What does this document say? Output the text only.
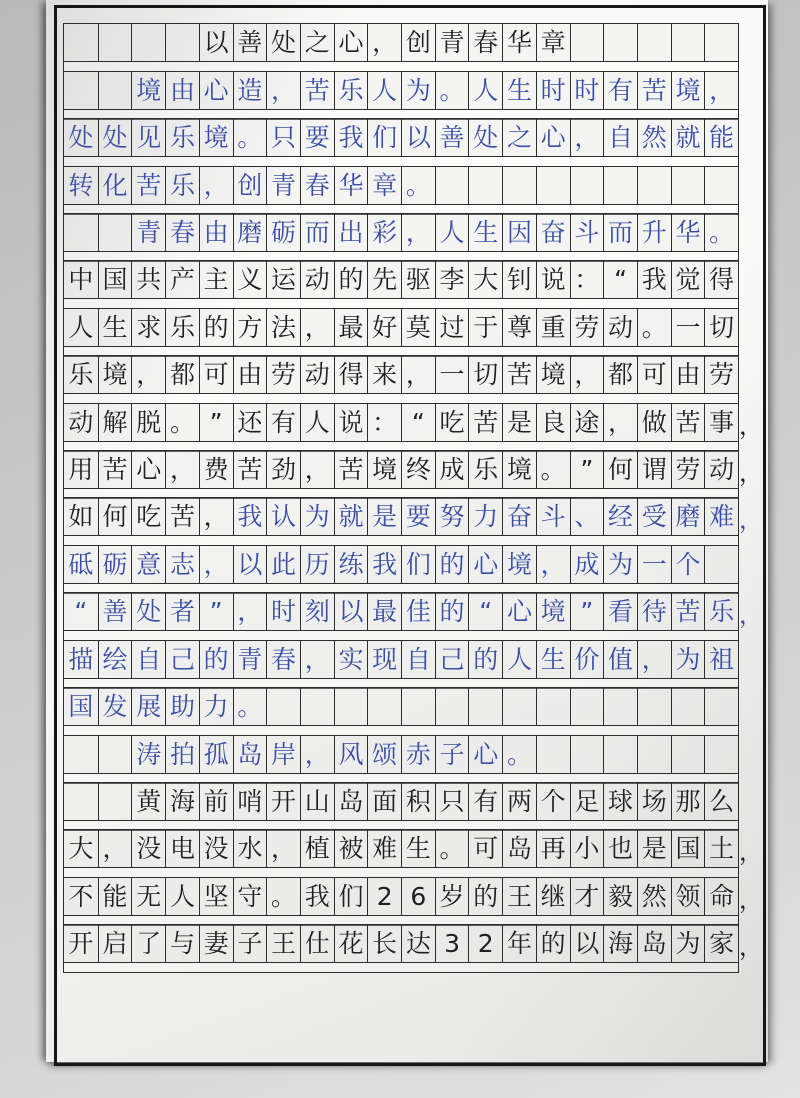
以 善 处 之 心 ， 创 青 春 华 章
境 由 心 造 ， 苦 乐 人 为 。 人 生 时 时 有 苦 境 ，
处 处 见 乐 境 。 只 要 我 们 以 善 处 之 心 ， 自 然 就 能
转 化 苦 乐 ， 创 青 春 华 章 。
青 春 由 磨 砺 而 出 彩 ， 人 生 因 奋 斗 而 升 华 。
中 国 共 产 主 义 运 动 的 先 驱 李 大 钊 说 ： “ 我 觉 得
人 生 求 乐 的 方 法 ， 最 好 莫 过 于 尊 重 劳 动 。 一 切
乐 境 ， 都 可 由 劳 动 得 来 ， 一 切 苦 境 ， 都 可 由 劳
动 解 脱 。 ” 还 有 人 说 ： “ 吃 苦 是 良 途 ， 做 苦 事 ，
用 苦 心 ， 费 苦 劲 ， 苦 境 终 成 乐 境 。 ” 何 谓 劳 动 ，
如 何 吃 苦 ， 我 认 为 就 是 要 努 力 奋 斗 、 经 受 磨 难 ，
砥 砺 意 志 ， 以 此 历 练 我 们 的 心 境 ， 成 为 一 个
“ 善 处 者 ” ， 时 刻 以 最 佳 的 “ 心 境 ” 看 待 苦 乐 ，
描 绘 自 己 的 青 春 ， 实 现 自 己 的 人 生 价 值 ， 为 祖
国 发 展 助 力 。
涛 拍 孤 岛 岸 ， 风 颂 赤 子 心 。
黄 海 前 哨 开 山 岛 面 积 只 有 两 个 足 球 场 那 么
大 ， 没 电 没 水 ， 植 被 难 生 。 可 岛 再 小 也 是 国 土 ，
不 能 无 人 坚 守 。 我 们 2 6 岁 的 王 继 才 毅 然 领 命 ，
开 启 了 与 妻 子 王 仕 花 长 达 3 2 年 的 以 海 岛 为 家 ，
